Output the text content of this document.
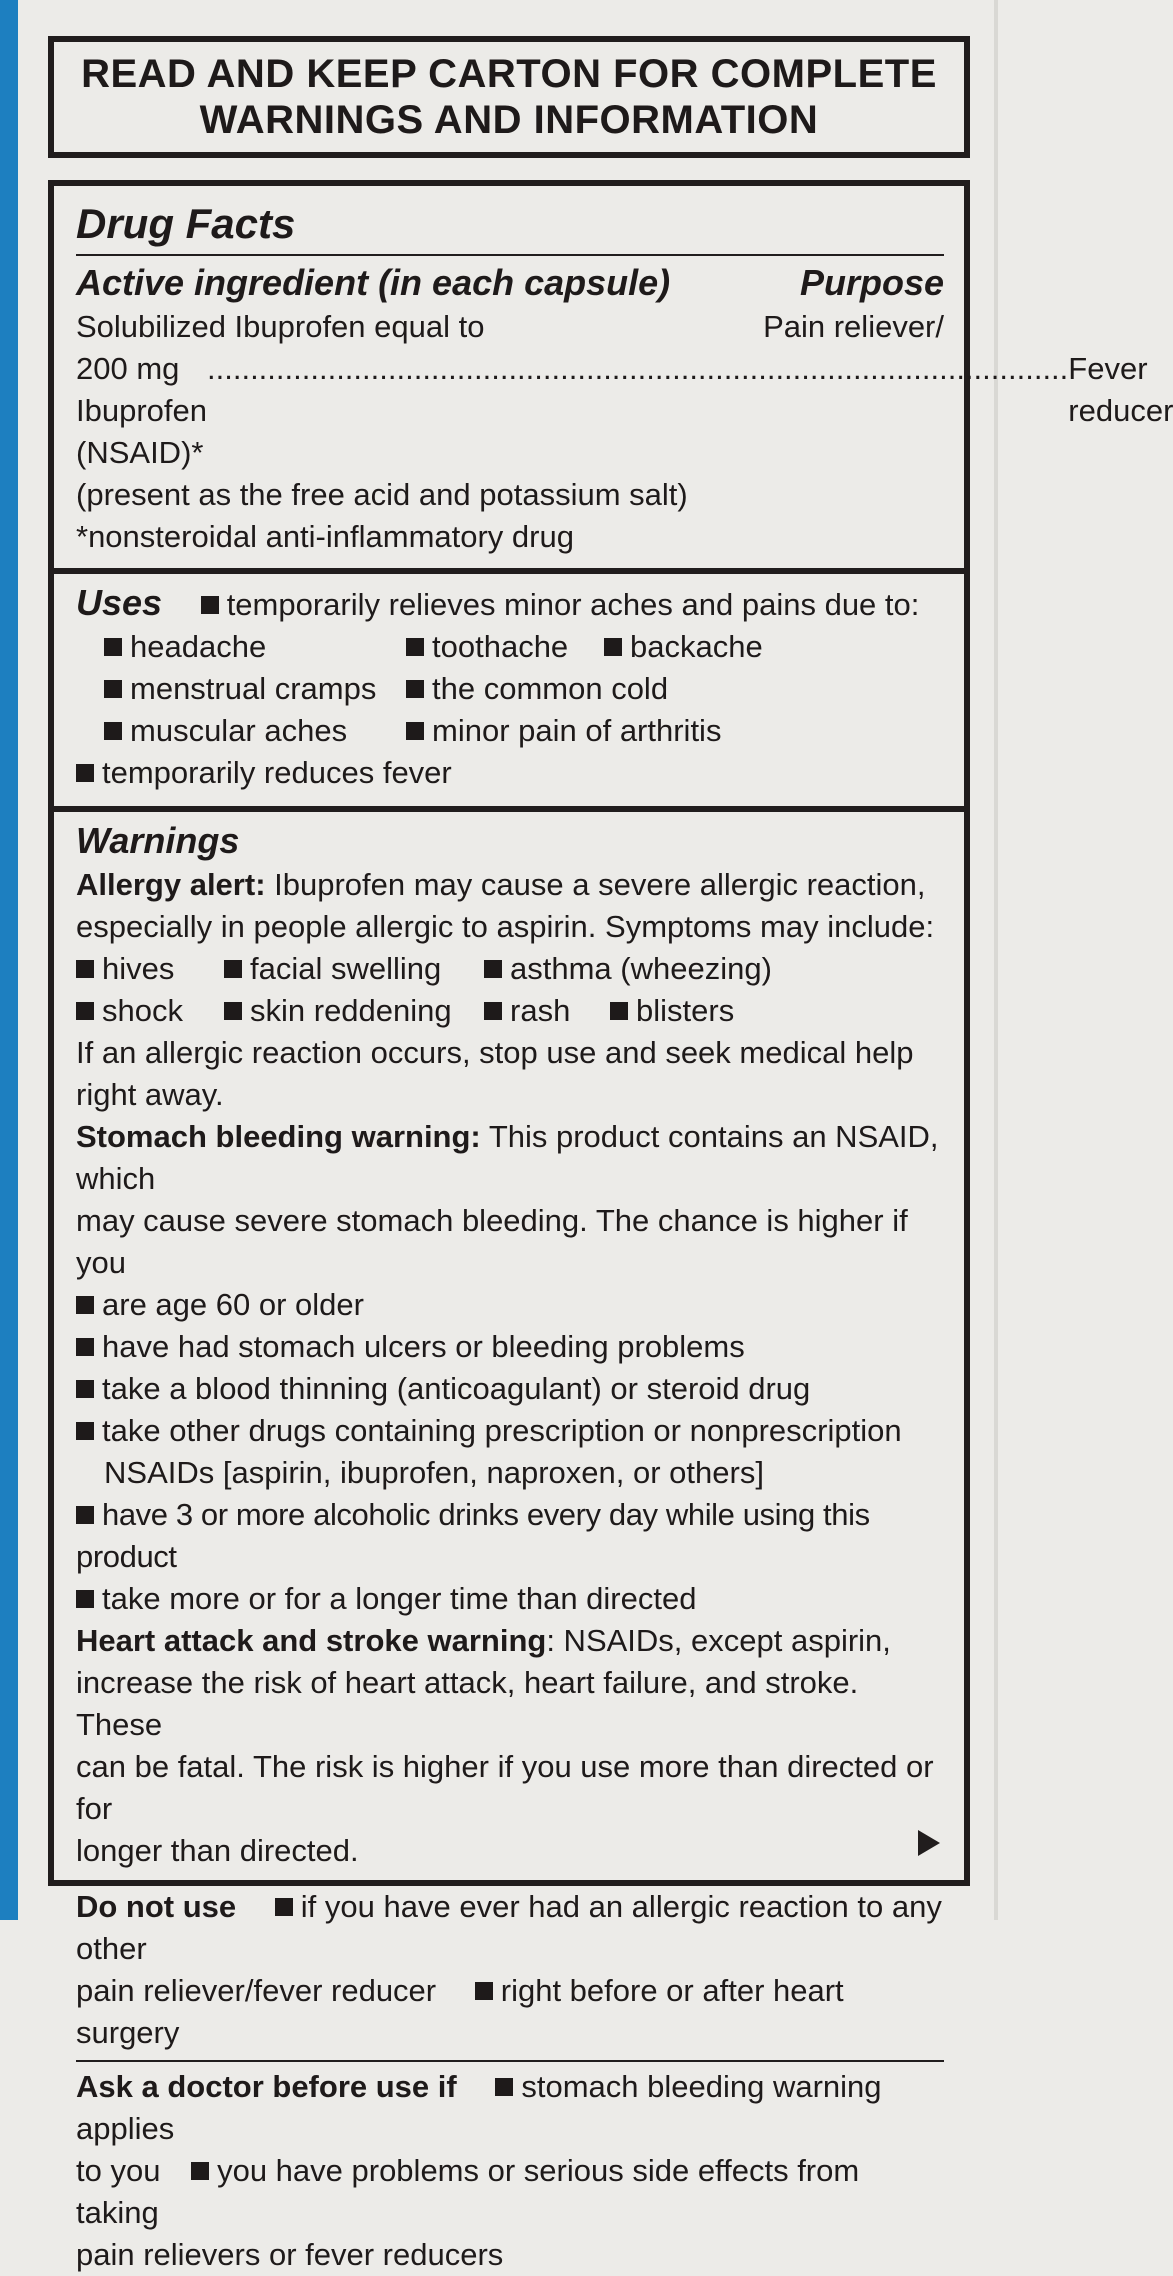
READ AND KEEP CARTON FOR COMPLETE
WARNINGS AND INFORMATION
Drug Facts
Active ingredient (in each capsule)	Purpose
Solubilized Ibuprofen equal to	Pain reliever/
200 mg Ibuprofen (NSAID)*
.................................................................................................... Fever reducer
(present as the free acid and potassium salt)
*nonsteroidal anti-inflammatory drug
Uses temporarily relieves minor aches and pains due to:
headache	toothache	backache
menstrual cramps	the common cold
muscular aches	minor pain of arthritis
temporarily reduces fever
Warnings
Allergy alert: Ibuprofen may cause a severe allergic reaction,
especially in people allergic to aspirin. Symptoms may include:
hives	facial swelling	asthma (wheezing)
shock	skin reddening	rash	blisters
If an allergic reaction occurs, stop use and seek medical help
right away.
Stomach bleeding warning: This product contains an NSAID, which
may cause severe stomach bleeding. The chance is higher if you
are age 60 or older
have had stomach ulcers or bleeding problems
take a blood thinning (anticoagulant) or steroid drug
take other drugs containing prescription or nonprescription
NSAIDs [aspirin, ibuprofen, naproxen, or others]
have 3 or more alcoholic drinks every day while using this product
take more or for a longer time than directed
Heart attack and stroke warning: NSAIDs, except aspirin,
increase the risk of heart attack, heart failure, and stroke. These
can be fatal. The risk is higher if you use more than directed or for
longer than directed.
Do not use if you have ever had an allergic reaction to any other
pain reliever/fever reducer right before or after heart surgery
Ask a doctor before use if stomach bleeding warning applies
to you you have problems or serious side effects from taking
pain relievers or fever reducers
